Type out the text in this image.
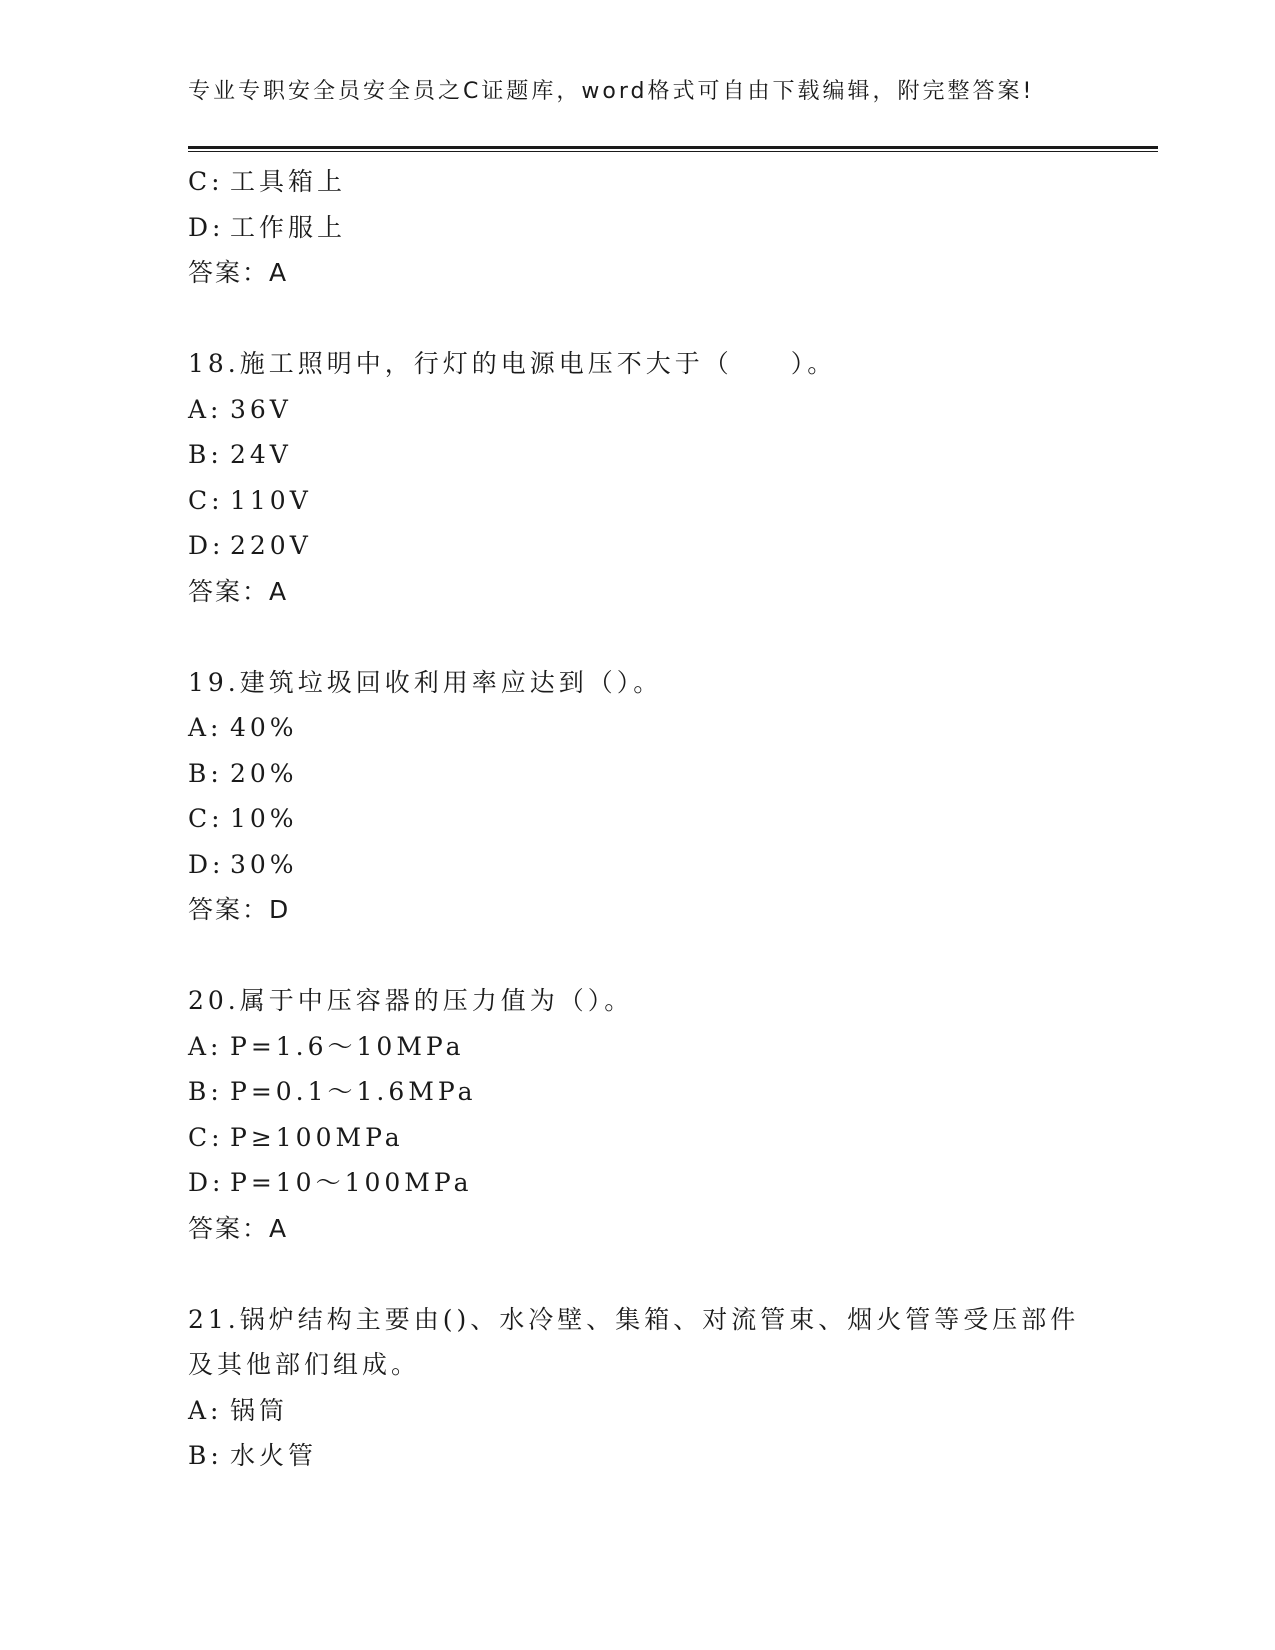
专业专职安全员安全员之C证题库，word格式可自由下载编辑，附完整答案!
C: 工具箱上
D: 工作服上
答案：A
18.施工照明中，行灯的电源电压不大于（　　）。
A: 36V
B: 24V
C: 110V
D: 220V
答案：A
19.建筑垃圾回收利用率应达到（）。
A: 40%
B: 20%
C: 10%
D: 30%
答案：D
20.属于中压容器的压力值为（）。
A: P=1.6～10MPa
B: P=0.1～1.6MPa
C: P≥100MPa
D: P=10～100MPa
答案：A
21.锅炉结构主要由()、水冷壁、集箱、对流管束、烟火管等受压部件
及其他部们组成。
A: 锅筒
B: 水火管
